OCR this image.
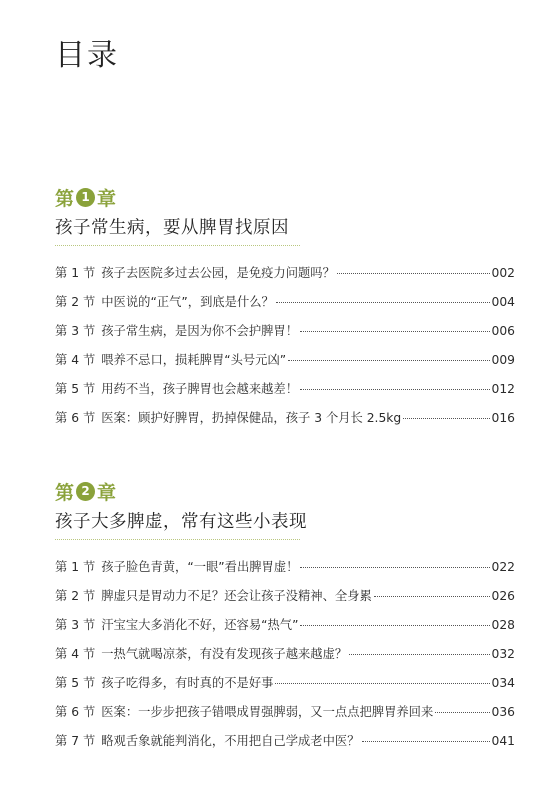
目录
第 1 章
孩子常生病，要从脾胃找原因
第 1 节 孩子去医院多过去公园，是免疫力问题吗？	002
第 2 节 中医说的“正气”，到底是什么？	004
第 3 节 孩子常生病，是因为你不会护脾胃！	006
第 4 节 喂养不忌口，损耗脾胃“头号元凶”	009
第 5 节 用药不当，孩子脾胃也会越来越差！	012
第 6 节 医案：顾护好脾胃，扔掉保健品，孩子 3 个月长 2.5kg	016
第 2 章
孩子大多脾虚，常有这些小表现
第 1 节 孩子脸色青黄，“一眼”看出脾胃虚！	022
第 2 节 脾虚只是胃动力不足？还会让孩子没精神、全身累	026
第 3 节 汗宝宝大多消化不好，还容易“热气”	028
第 4 节 一热气就喝凉茶，有没有发现孩子越来越虚？	032
第 5 节 孩子吃得多，有时真的不是好事	034
第 6 节 医案：一步步把孩子错喂成胃强脾弱，又一点点把脾胃养回来	036
第 7 节 略观舌象就能判消化，不用把自己学成老中医？	041
